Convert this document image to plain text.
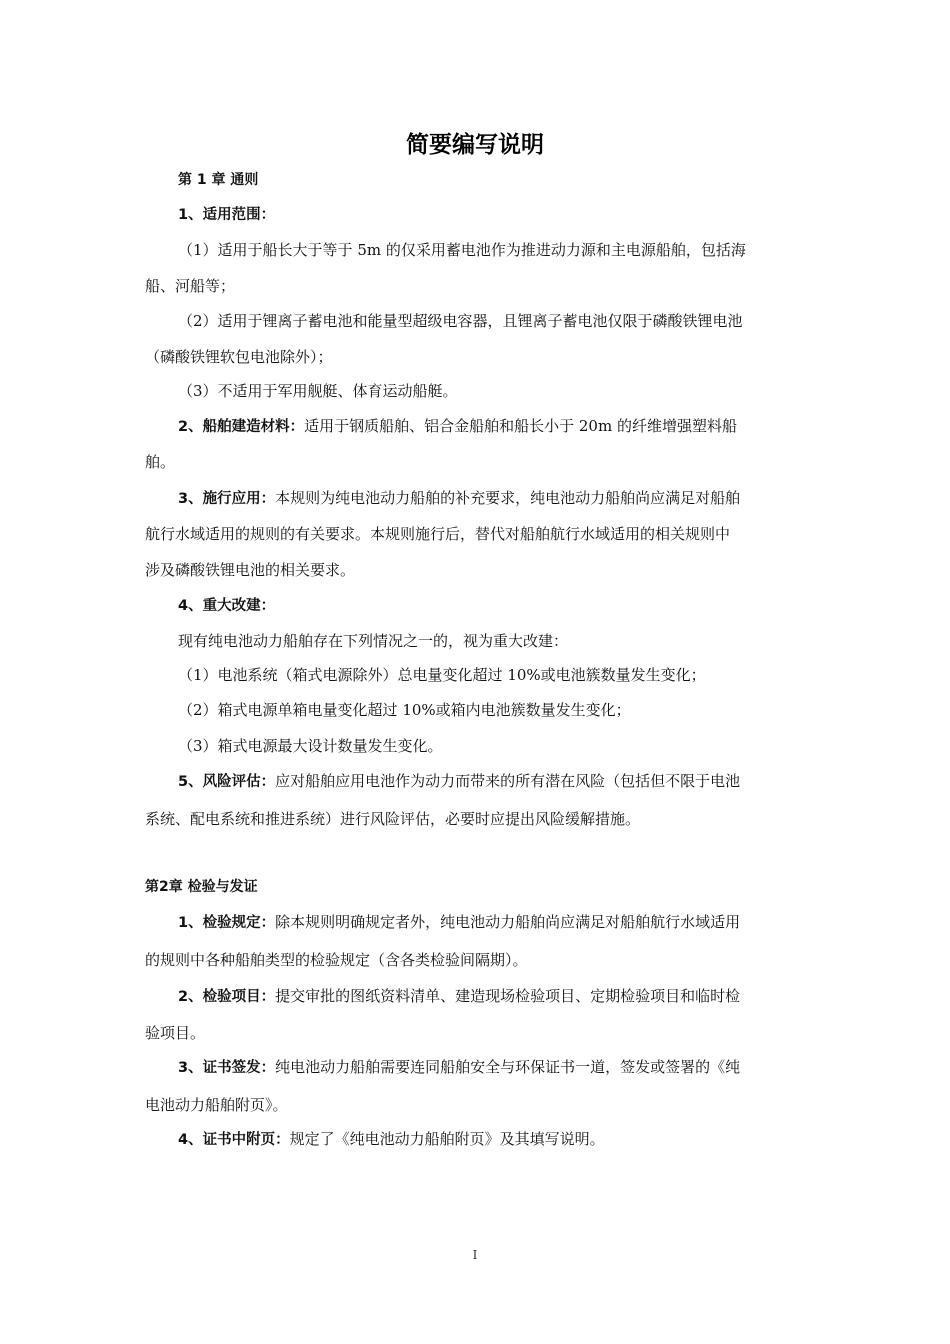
简要编写说明
第 1 章 通则
1、适用范围：
（1）适用于船长大于等于 5m 的仅采用蓄电池作为推进动力源和主电源船舶，包括海
船、河船等；
（2）适用于锂离子蓄电池和能量型超级电容器，且锂离子蓄电池仅限于磷酸铁锂电池
（磷酸铁锂软包电池除外）；
（3）不适用于军用舰艇、体育运动船艇。
2、船舶建造材料：适用于钢质船舶、铝合金船舶和船长小于 20m 的纤维增强塑料船
舶。
3、施行应用：本规则为纯电池动力船舶的补充要求，纯电池动力船舶尚应满足对船舶
航行水域适用的规则的有关要求。本规则施行后，替代对船舶航行水域适用的相关规则中
涉及磷酸铁锂电池的相关要求。
4、重大改建：
现有纯电池动力船舶存在下列情况之一的，视为重大改建：
（1）电池系统（箱式电源除外）总电量变化超过 10%或电池簇数量发生变化；
（2）箱式电源单箱电量变化超过 10%或箱内电池簇数量发生变化；
（3）箱式电源最大设计数量发生变化。
5、风险评估：应对船舶应用电池作为动力而带来的所有潜在风险（包括但不限于电池
系统、配电系统和推进系统）进行风险评估，必要时应提出风险缓解措施。
第2章 检验与发证
1、检验规定：除本规则明确规定者外，纯电池动力船舶尚应满足对船舶航行水域适用
的规则中各种船舶类型的检验规定（含各类检验间隔期）。
2、检验项目：提交审批的图纸资料清单、建造现场检验项目、定期检验项目和临时检
验项目。
3、证书签发：纯电池动力船舶需要连同船舶安全与环保证书一道，签发或签署的《纯
电池动力船舶附页》。
4、证书中附页：规定了《纯电池动力船舶附页》及其填写说明。
I
